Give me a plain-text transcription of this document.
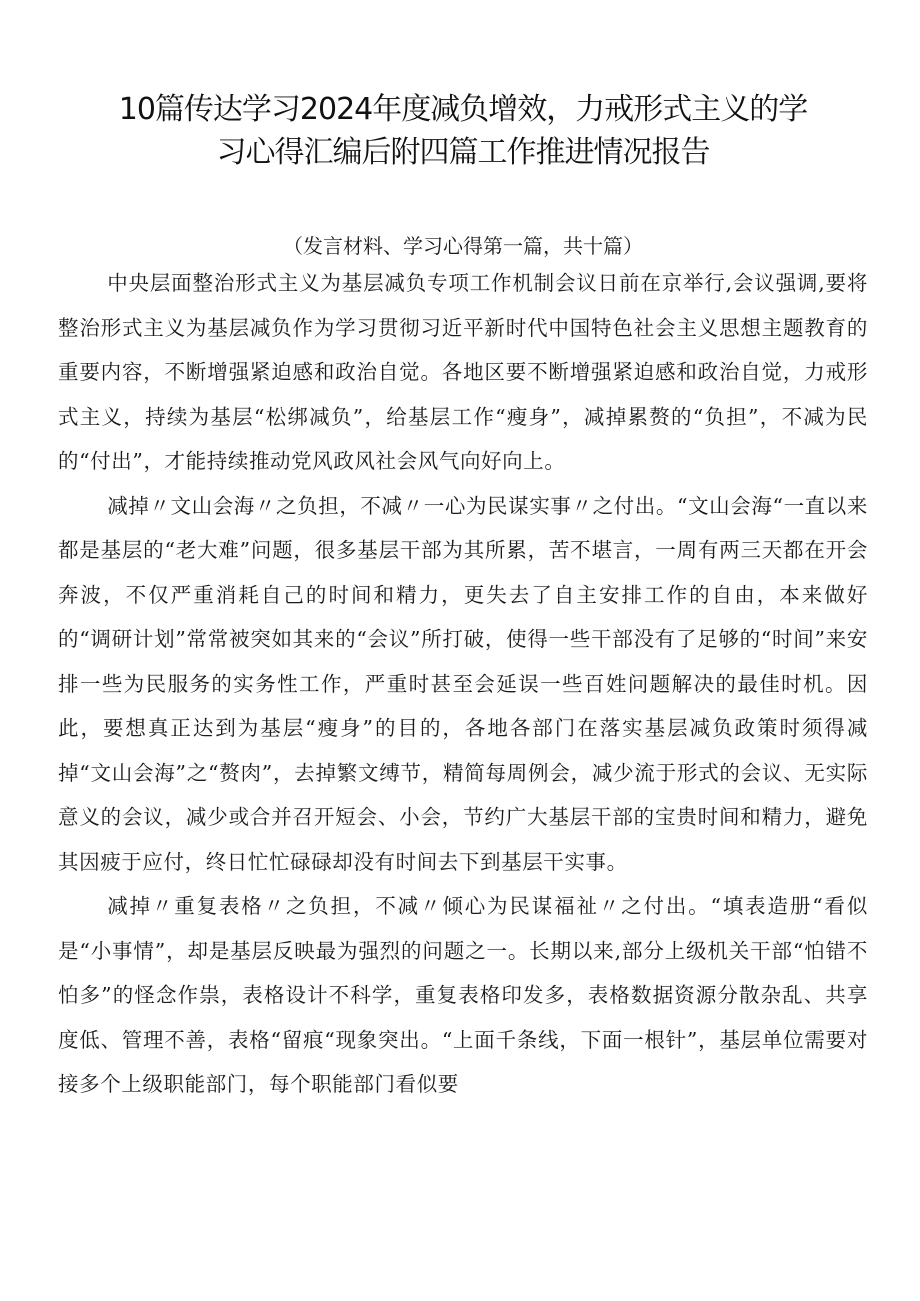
10篇传达学习2024年度减负增效，力戒形式主义的学
习心得汇编后附四篇工作推进情况报告

（发言材料、学习心得第一篇，共十篇）

中央层面整治形式主义为基层减负专项工作机制会议日前在京举行,会议强调,要将整治形式主义为基层减负作为学习贯彻习近平新时代中国特色社会主义思想主题教育的重要内容，不断增强紧迫感和政治自觉。各地区要不断增强紧迫感和政治自觉，力戒形式主义，持续为基层“松绑减负”，给基层工作“瘦身”，减掉累赘的“负担”，不减为民的“付出”，才能持续推动党风政风社会风气向好向上。

减掉〃文山会海〃之负担，不减〃一心为民谋实事〃之付出。“文山会海“一直以来都是基层的“老大难”问题，很多基层干部为其所累，苦不堪言，一周有两三天都在开会奔波，不仅严重消耗自己的时间和精力，更失去了自主安排工作的自由，本来做好的“调研计划”常常被突如其来的“会议”所打破，使得一些干部没有了足够的“时间”来安排一些为民服务的实务性工作，严重时甚至会延误一些百姓问题解决的最佳时机。因此，要想真正达到为基层“瘦身”的目的，各地各部门在落实基层减负政策时须得减掉“文山会海”之“赘肉”，去掉繁文缚节，精简每周例会，减少流于形式的会议、无实际意义的会议，减少或合并召开短会、小会，节约广大基层干部的宝贵时间和精力，避免其因疲于应付，终日忙忙碌碌却没有时间去下到基层干实事。

减掉〃重复表格〃之负担，不减〃倾心为民谋福祉〃之付出。“填表造册“看似是“小事情”，却是基层反映最为强烈的问题之一。长期以来,部分上级机关干部“怕错不怕多”的怪念作祟，表格设计不科学，重复表格印发多，表格数据资源分散杂乱、共享度低、管理不善，表格“留痕“现象突出。“上面千条线，下面一根针”，基层单位需要对接多个上级职能部门，每个职能部门看似要
